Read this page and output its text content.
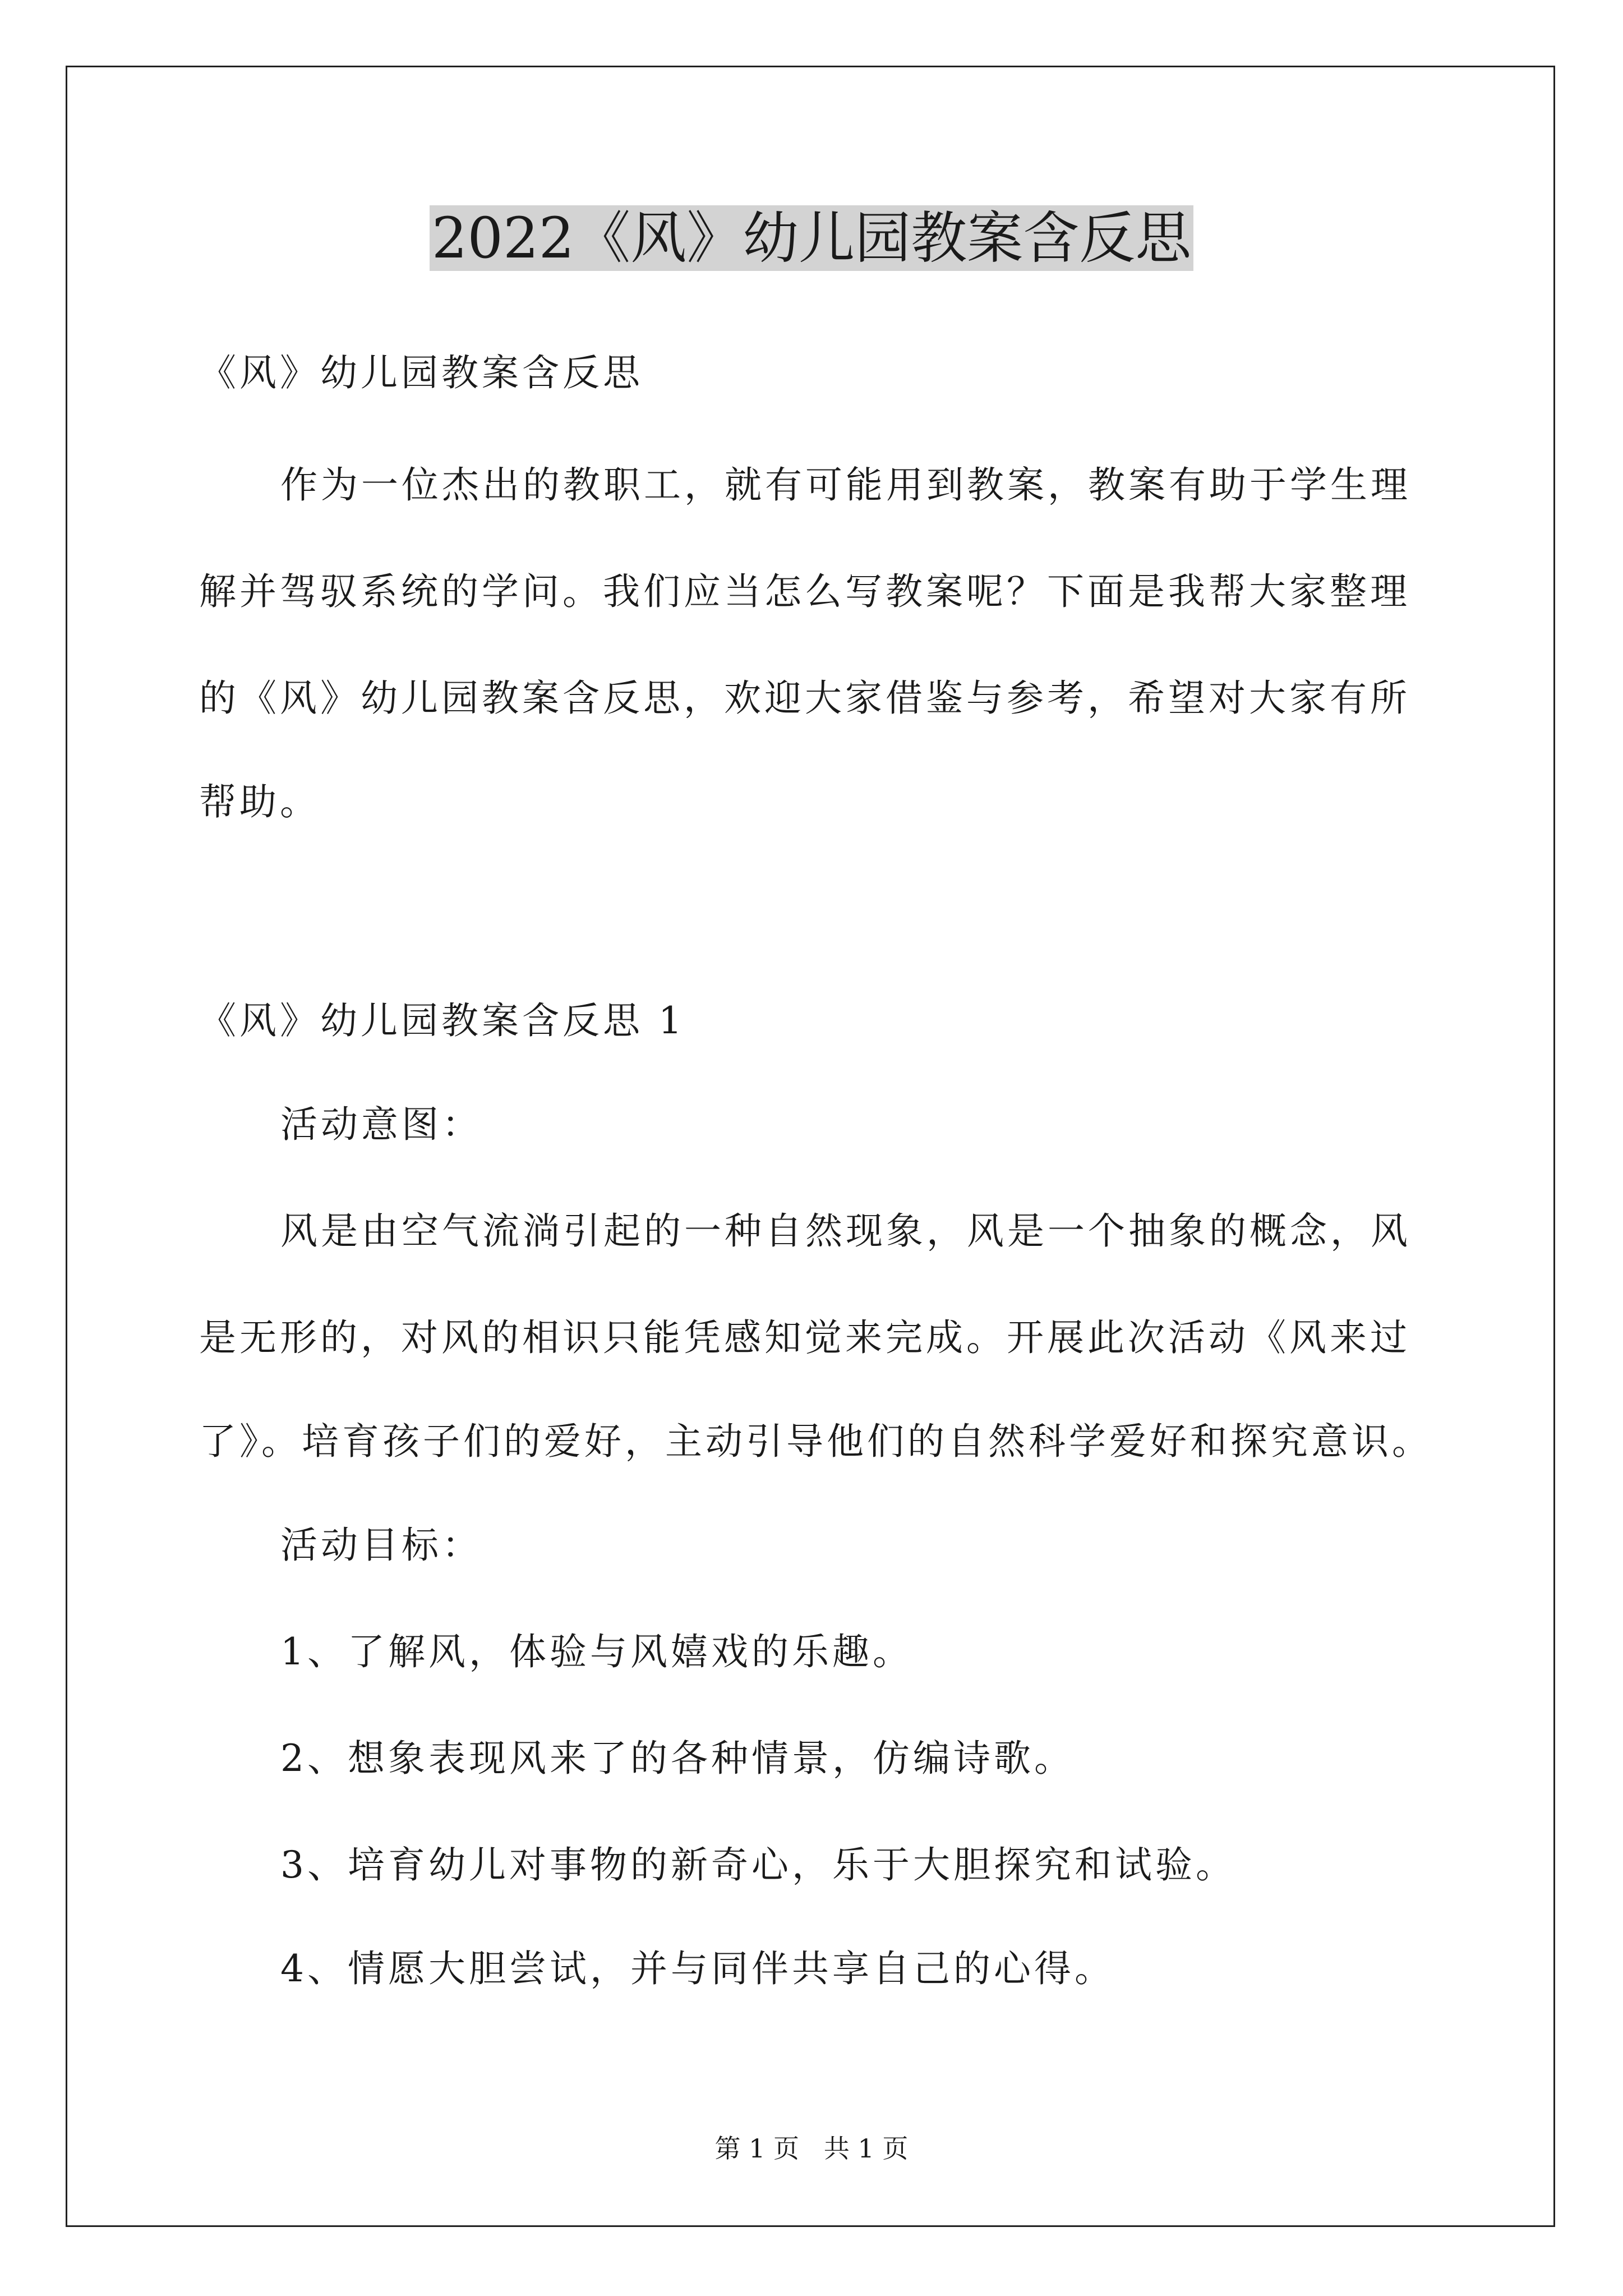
2022《风》幼儿园教案含反思
《风》幼儿园教案含反思
作为一位杰出的教职工，就有可能用到教案，教案有助于学生理
解并驾驭系统的学问。我们应当怎么写教案呢？下面是我帮大家整理
的《风》幼儿园教案含反思，欢迎大家借鉴与参考，希望对大家有所
帮助。
《风》幼儿园教案含反思 1
活动意图：
风是由空气流淌引起的一种自然现象，风是一个抽象的概念，风
是无形的，对风的相识只能凭感知觉来完成。开展此次活动《风来过
了》。培育孩子们的爱好，主动引导他们的自然科学爱好和探究意识。
活动目标：
1、了解风，体验与风嬉戏的乐趣。
2、想象表现风来了的各种情景，仿编诗歌。
3、培育幼儿对事物的新奇心，乐于大胆探究和试验。
4、情愿大胆尝试，并与同伴共享自己的心得。
第 1 页   共 1 页
